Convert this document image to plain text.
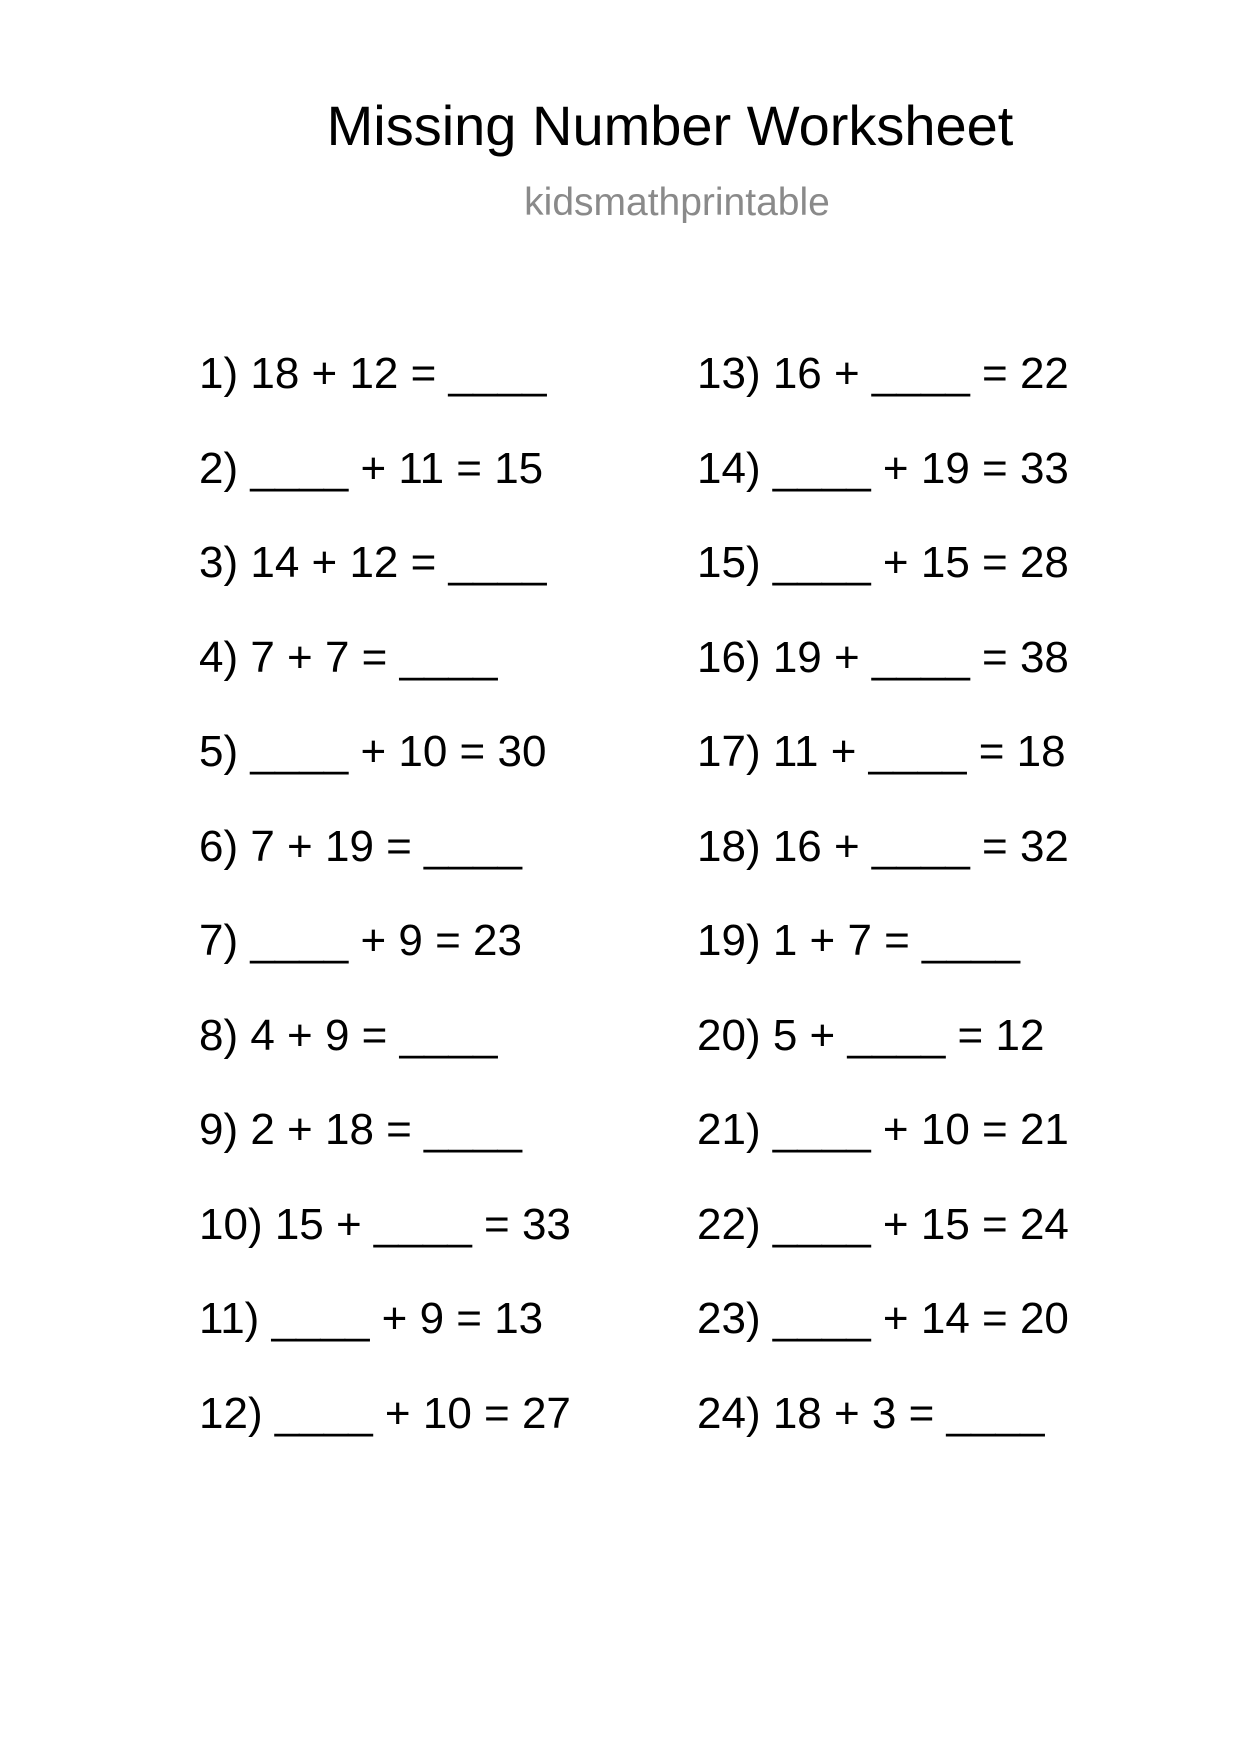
Missing Number Worksheet
kidsmathprintable
1) 18 + 12 = ____
2) ____ + 11 = 15
3) 14 + 12 = ____
4) 7 + 7 = ____
5) ____ + 10 = 30
6) 7 + 19 = ____
7) ____ + 9 = 23
8) 4 + 9 = ____
9) 2 + 18 = ____
10) 15 + ____ = 33
11) ____ + 9 = 13
12) ____ + 10 = 27
13) 16 + ____ = 22
14) ____ + 19 = 33
15) ____ + 15 = 28
16) 19 + ____ = 38
17) 11 + ____ = 18
18) 16 + ____ = 32
19) 1 + 7 = ____
20) 5 + ____ = 12
21) ____ + 10 = 21
22) ____ + 15 = 24
23) ____ + 14 = 20
24) 18 + 3 = ____
